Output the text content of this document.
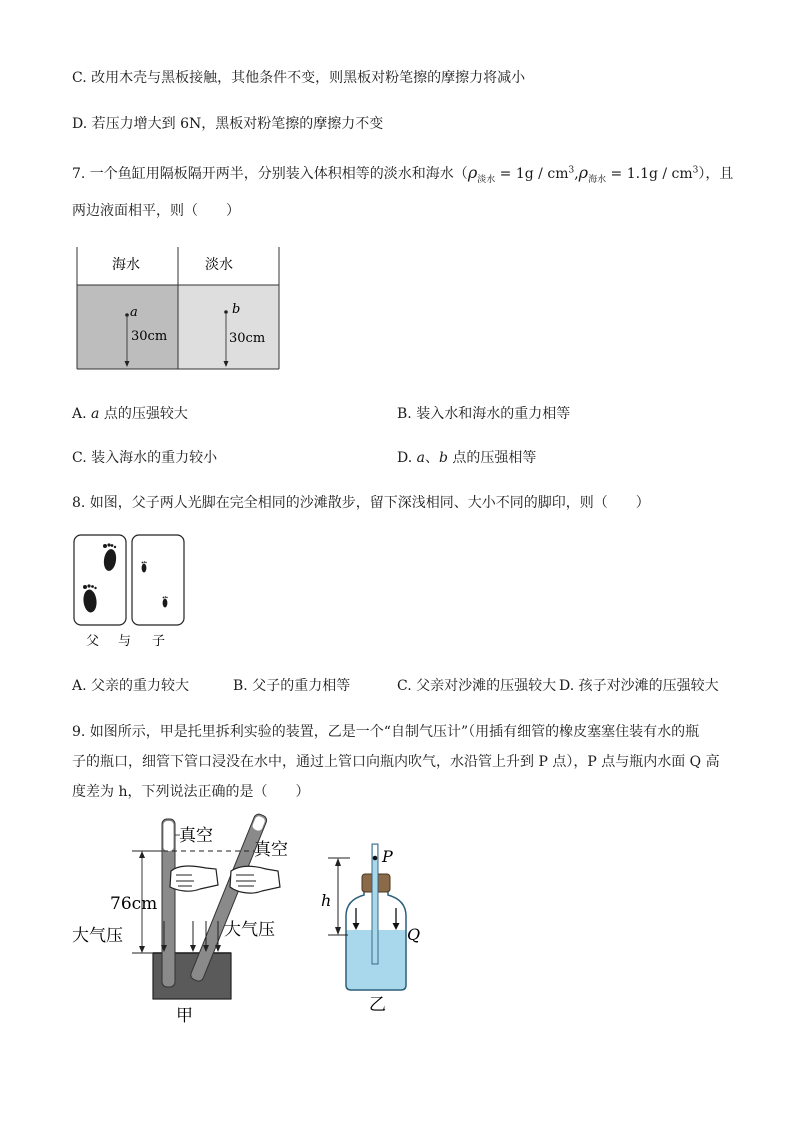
C. 改用木壳与黑板接触，其他条件不变，则黑板对粉笔擦的摩擦力将减小
D. 若压力增大到 6N，黑板对粉笔擦的摩擦力不变
7. 一个鱼缸用隔板隔开两半，分别装入体积相等的淡水和海水$(\rho_{淡水} = 1g / cm^3,\rho_{海水} = 1.1g / cm^3)$，且
两边液面相平，则（　　）
海水	淡水
a
30cm
b
30cm
A. a 点的压强较大	B. 装入水和海水的重力相等
C. 装入海水的重力较小	D. a、b 点的压强相等
8. 如图，父子两人光脚在完全相同的沙滩散步，留下深浅相同、大小不同的脚印，则（　　）
父 与 子
A. 父亲的重力较大	B. 父子的重力相等	C. 父亲对沙滩的压强较大 D. 孩子对沙滩的压强较大
9. 如图所示，甲是托里拆利实验的装置，乙是一个“自制气压计”（用插有细管的橡皮塞塞住装有水的瓶
子的瓶口，细管下管口浸没在水中，通过上管口向瓶内吹气，水沿管上升到 P 点），P 点与瓶内水面 Q 高
度差为 h，下列说法正确的是（　　）
真空
真空
76cm
大气压	大气压
甲
P
h
Q
乙
